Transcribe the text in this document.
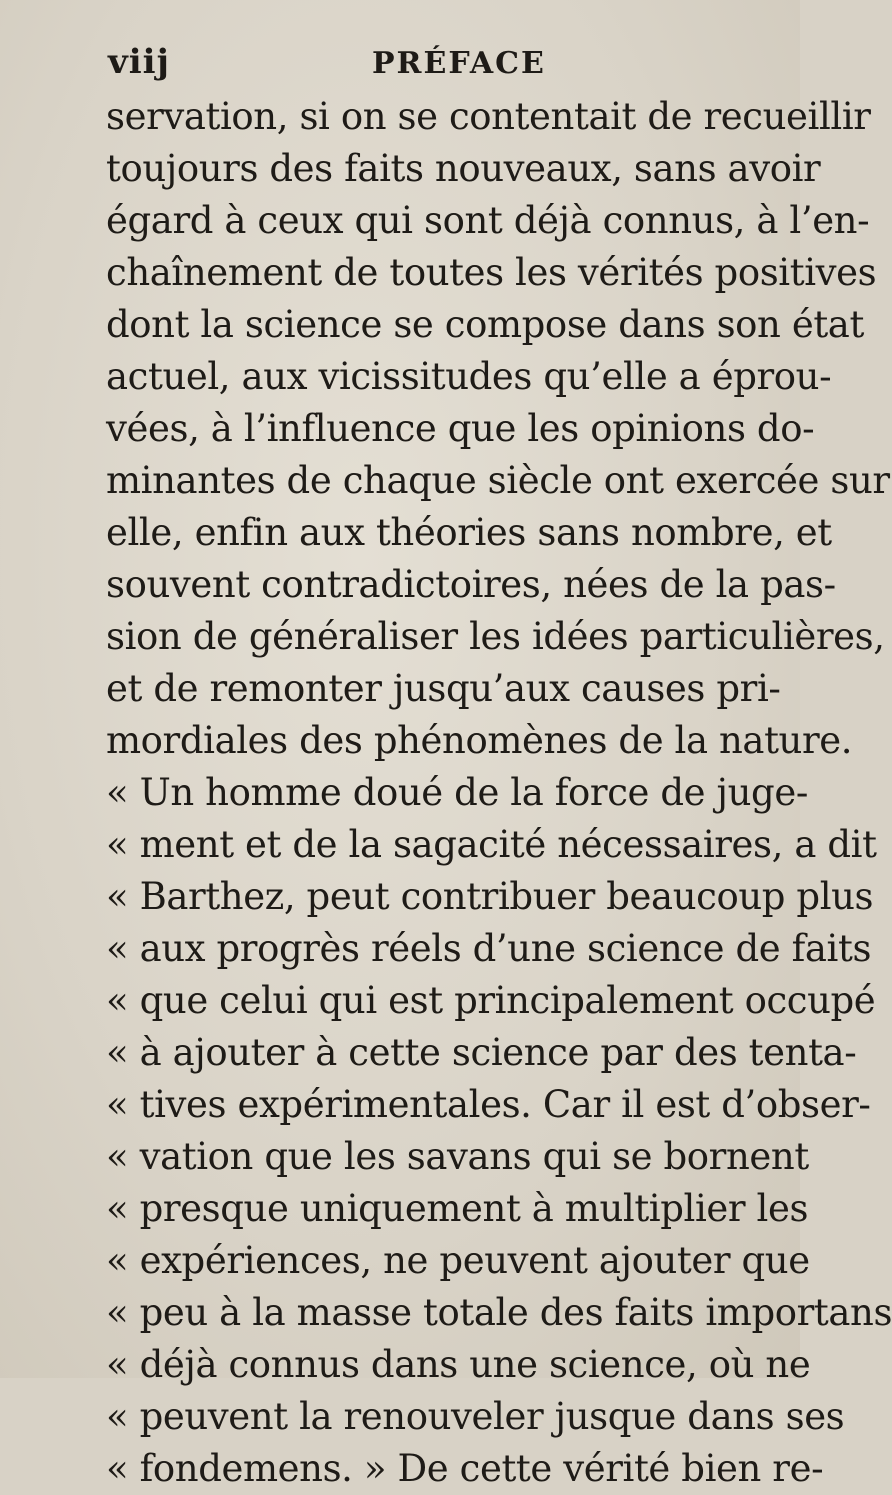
viij	PRÉFACE
servation, si on se contentait de recueillir
toujours des faits nouveaux, sans avoir
égard à ceux qui sont déjà connus, à l’en-
chaînement de toutes les vérités positives
dont la science se compose dans son état
actuel, aux vicissitudes qu’elle a éprou-
vées, à l’influence que les opinions do-
minantes de chaque siècle ont exercée sur
elle, enfin aux théories sans nombre, et
souvent contradictoires, nées de la pas-
sion de généraliser les idées particulières,
et de remonter jusqu’aux causes pri-
mordiales des phénomènes de la nature.
« Un homme doué de la force de juge-
« ment et de la sagacité nécessaires, a dit
« Barthez, peut contribuer beaucoup plus
« aux progrès réels d’une science de faits
« que celui qui est principalement occupé
« à ajouter à cette science par des tenta-
« tives expérimentales. Car il est d’obser-
« vation que les savans qui se bornent
« presque uniquement à multiplier les
« expériences, ne peuvent ajouter que
« peu à la masse totale des faits importans
« déjà connus dans une science, où ne
« peuvent la renouveler jusque dans ses
« fondemens. » De cette vérité bien re-
